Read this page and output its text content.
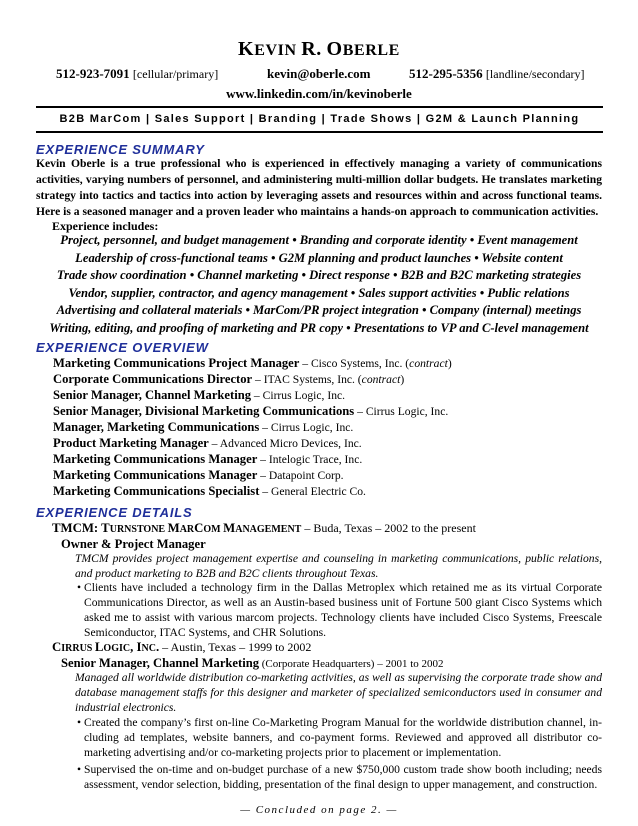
KEVIN R. OBERLE
512-923-7091 [cellular/primary]	kevin@oberle.com	512-295-5356 [landline/secondary]
www.linkedin.com/in/kevinoberle
B2B MarCom | Sales Support | Branding | Trade Shows | G2M & Launch Planning
EXPERIENCE SUMMARY
Kevin Oberle is a true professional who is experienced in effectively managing a variety of communications activities, varying numbers of personnel, and administering multi-million dollar budgets. He translates marketing strategy into tactics and tactics into action by leveraging assets and resources within and across functional teams. Here is a seasoned manager and a proven leader who maintains a hands-on approach to communication activities.
Experience includes:
Project, personnel, and budget management • Branding and corporate identity • Event management
Leadership of cross-functional teams • G2M planning and product launches • Website content
Trade show coordination • Channel marketing • Direct response • B2B and B2C marketing strategies
Vendor, supplier, contractor, and agency management • Sales support activities • Public relations
Advertising and collateral materials • MarCom/PR project integration • Company (internal) meetings
Writing, editing, and proofing of marketing and PR copy • Presentations to VP and C-level management
EXPERIENCE OVERVIEW
Marketing Communications Project Manager – Cisco Systems, Inc. (contract)
Corporate Communications Director – ITAC Systems, Inc. (contract)
Senior Manager, Channel Marketing – Cirrus Logic, Inc.
Senior Manager, Divisional Marketing Communications – Cirrus Logic, Inc.
Manager, Marketing Communications – Cirrus Logic, Inc.
Product Marketing Manager – Advanced Micro Devices, Inc.
Marketing Communications Manager – Intelogic Trace, Inc.
Marketing Communications Manager – Datapoint Corp.
Marketing Communications Specialist – General Electric Co.
EXPERIENCE DETAILS
TMCM: TURNSTONE MARCOM MANAGEMENT – Buda, Texas – 2002 to the present
Owner & Project Manager
TMCM provides project management expertise and counseling in marketing communications, public relations, and product marketing to B2B and B2C clients throughout Texas.
• Clients have included a technology firm in the Dallas Metroplex which retained me as its virtual Corporate Communications Director, as well as an Austin-based business unit of Fortune 500 giant Cisco Systems which asked me to assist with various marcom projects. Technology clients have included Cisco Systems, Freescale Semiconductor, ITAC Systems, and CHR Solutions.
CIRRUS LOGIC, INC. – Austin, Texas – 1999 to 2002
Senior Manager, Channel Marketing (Corporate Headquarters) – 2001 to 2002
Managed all worldwide distribution co-marketing activities, as well as supervising the corporate trade show and database management staffs for this designer and marketer of specialized semiconductors used in consumer and industrial electronics.
• Created the company’s first on-line Co-Marketing Program Manual for the worldwide distribution channel, in-cluding ad templates, website banners, and co-payment forms. Reviewed and approved all distributor co-marketing advertising and/or co-marketing projects prior to placement or implementation.
• Supervised the on-time and on-budget purchase of a new $750,000 custom trade show booth including; needs assessment, vendor selection, bidding, presentation of the final design to upper management, and construction.
— Concluded on page 2. —
